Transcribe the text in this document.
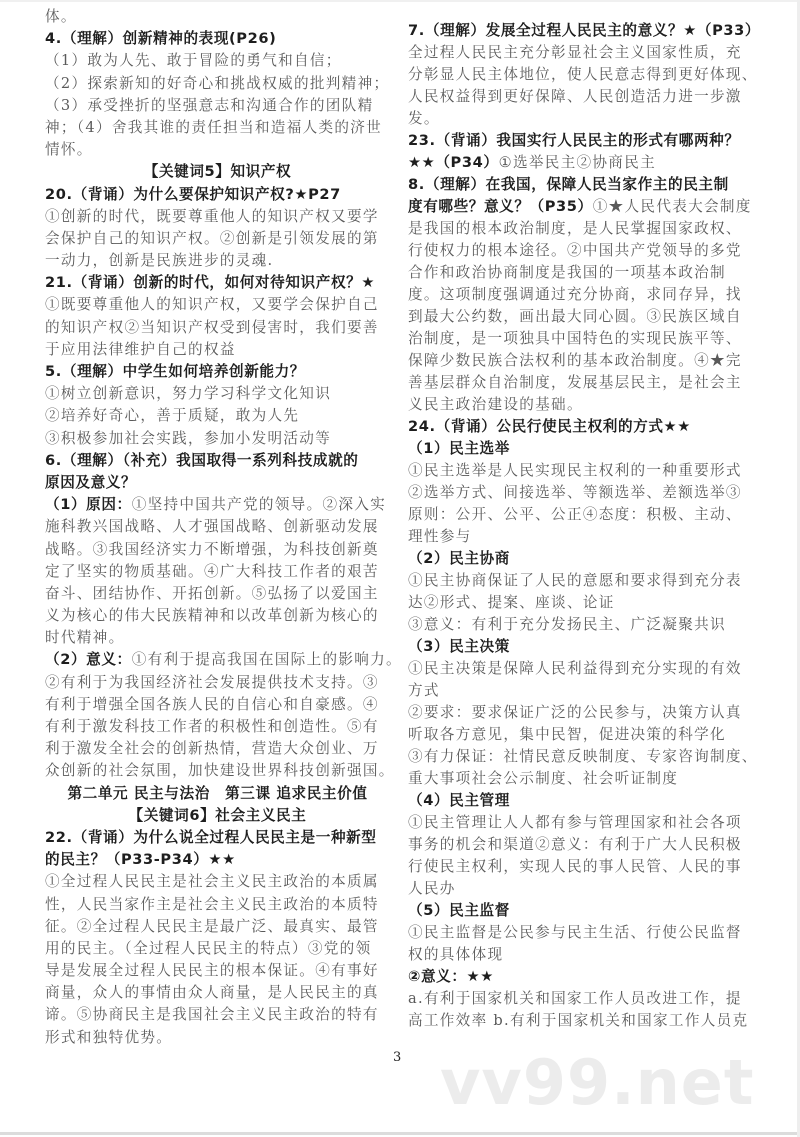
vv99.net
体。
4.（理解）创新精神的表现(P26)
（1）敢为人先、敢于冒险的勇气和自信；
（2）探索新知的好奇心和挑战权威的批判精神；
（3）承受挫折的坚强意志和沟通合作的团队精
神；（4）舍我其谁的责任担当和造福人类的济世
情怀。
【关键词5】知识产权
20.（背诵）为什么要保护知识产权?★P27
①创新的时代，既要尊重他人的知识产权又要学
会保护自己的知识产权。②创新是引领发展的第
一动力，创新是民族进步的灵魂.
21.（背诵）创新的时代，如何对待知识产权？★
①既要尊重他人的知识产权，又要学会保护自己
的知识产权②当知识产权受到侵害时，我们要善
于应用法律维护自己的权益
5.（理解）中学生如何培养创新能力？
①树立创新意识，努力学习科学文化知识
②培养好奇心，善于质疑，敢为人先
③积极参加社会实践，参加小发明活动等
6.（理解）（补充）我国取得一系列科技成就的
原因及意义？
（1）原因：①坚持中国共产党的领导。②深入实
施科教兴国战略、人才强国战略、创新驱动发展
战略。③我国经济实力不断增强，为科技创新奠
定了坚实的物质基础。④广大科技工作者的艰苦
奋斗、团结协作、开拓创新。⑤弘扬了以爱国主
义为核心的伟大民族精神和以改革创新为核心的
时代精神。
（2）意义：①有利于提高我国在国际上的影响力。
②有利于为我国经济社会发展提供技术支持。③
有利于增强全国各族人民的自信心和自豪感。④
有利于激发科技工作者的积极性和创造性。⑤有
利于激发全社会的创新热情，营造大众创业、万
众创新的社会氛围，加快建设世界科技创新强国。
第二单元 民主与法治　第三课 追求民主价值
【关键词6】社会主义民主
22.（背诵）为什么说全过程人民民主是一种新型
的民主？（P33-P34）★★
①全过程人民民主是社会主义民主政治的本质属
性，人民当家作主是社会主义民主政治的本质特
征。②全过程人民民主是最广泛、最真实、最管
用的民主。（全过程人民民主的特点）③党的领
导是发展全过程人民民主的根本保证。④有事好
商量，众人的事情由众人商量，是人民民主的真
谛。⑤协商民主是我国社会主义民主政治的特有
形式和独特优势。
7.（理解）发展全过程人民民主的意义？★（P33）
全过程人民民主充分彰显社会主义国家性质，充
分彰显人民主体地位，使人民意志得到更好体现、
人民权益得到更好保障、人民创造活力进一步激
发。
23.（背诵）我国实行人民民主的形式有哪两种？
★★（P34）①选举民主②协商民主
8.（理解）在我国，保障人民当家作主的民主制
度有哪些？意义？（P35）①★人民代表大会制度
是我国的根本政治制度，是人民掌握国家政权、
行使权力的根本途径。②中国共产党领导的多党
合作和政治协商制度是我国的一项基本政治制
度。这项制度强调通过充分协商，求同存异，找
到最大公约数，画出最大同心圆。③民族区域自
治制度，是一项独具中国特色的实现民族平等、
保障少数民族合法权利的基本政治制度。④★完
善基层群众自治制度，发展基层民主，是社会主
义民主政治建设的基础。
24.（背诵）公民行使民主权利的方式★★
（1）民主选举
①民主选举是人民实现民主权利的一种重要形式
②选举方式、间接选举、等额选举、差额选举③
原则：公开、公平、公正④态度：积极、主动、
理性参与
（2）民主协商
①民主协商保证了人民的意愿和要求得到充分表
达②形式、提案、座谈、论证
③意义：有利于充分发扬民主、广泛凝聚共识
（3）民主决策
①民主决策是保障人民利益得到充分实现的有效
方式
②要求：要求保证广泛的公民参与，决策方认真
听取各方意见，集中民智，促进决策的科学化
③有力保证：社情民意反映制度、专家咨询制度、
重大事项社会公示制度、社会听证制度
（4）民主管理
①民主管理让人人都有参与管理国家和社会各项
事务的机会和渠道②意义：有利于广大人民积极
行使民主权利，实现人民的事人民管、人民的事
人民办
（5）民主监督
①民主监督是公民参与民主生活、行使公民监督
权的具体体现
②意义：★★
a.有利于国家机关和国家工作人员改进工作，提
高工作效率 b.有利于国家机关和国家工作人员克
3
